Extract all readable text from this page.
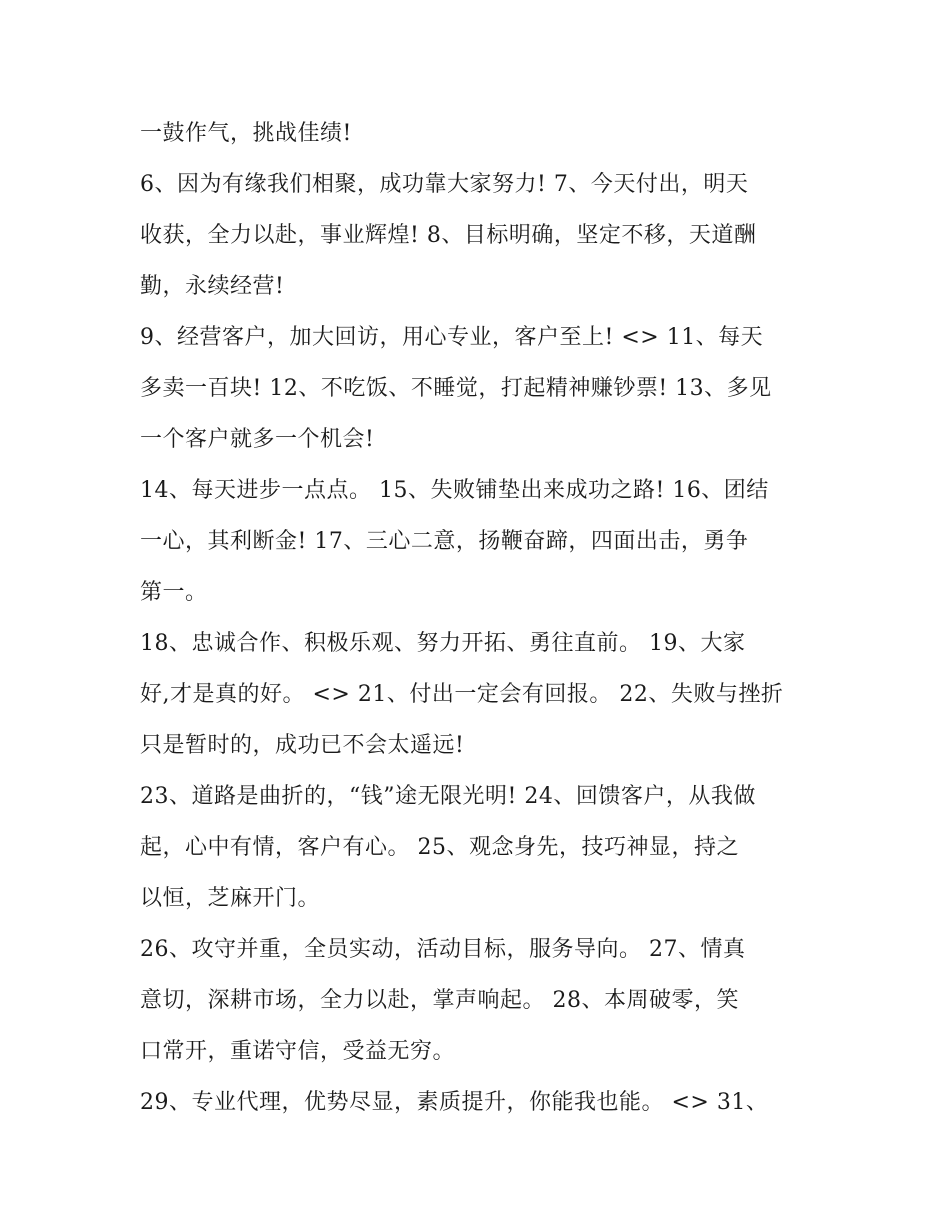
一鼓作气，挑战佳绩!
6、因为有缘我们相聚，成功靠大家努力! 7、今天付出，明天
收获，全力以赴，事业辉煌! 8、目标明确，坚定不移，天道酬
勤，永续经营!
9、经营客户，加大回访，用心专业，客户至上! <> 11、每天
多卖一百块! 12、不吃饭、不睡觉，打起精神赚钞票! 13、多见
一个客户就多一个机会!
14、每天进步一点点。 15、失败铺垫出来成功之路! 16、团结
一心，其利断金! 17、三心二意，扬鞭奋蹄，四面出击，勇争
第一。
18、忠诚合作、积极乐观、努力开拓、勇往直前。 19、大家
好,才是真的好。 <> 21、付出一定会有回报。 22、失败与挫折
只是暂时的，成功已不会太遥远!
23、道路是曲折的，“钱”途无限光明! 24、回馈客户，从我做
起，心中有情，客户有心。 25、观念身先，技巧神显，持之
以恒，芝麻开门。
26、攻守并重，全员实动，活动目标，服务导向。 27、情真
意切，深耕市场，全力以赴，掌声响起。 28、本周破零，笑
口常开，重诺守信，受益无穷。
29、专业代理，优势尽显，素质提升，你能我也能。 <> 31、
